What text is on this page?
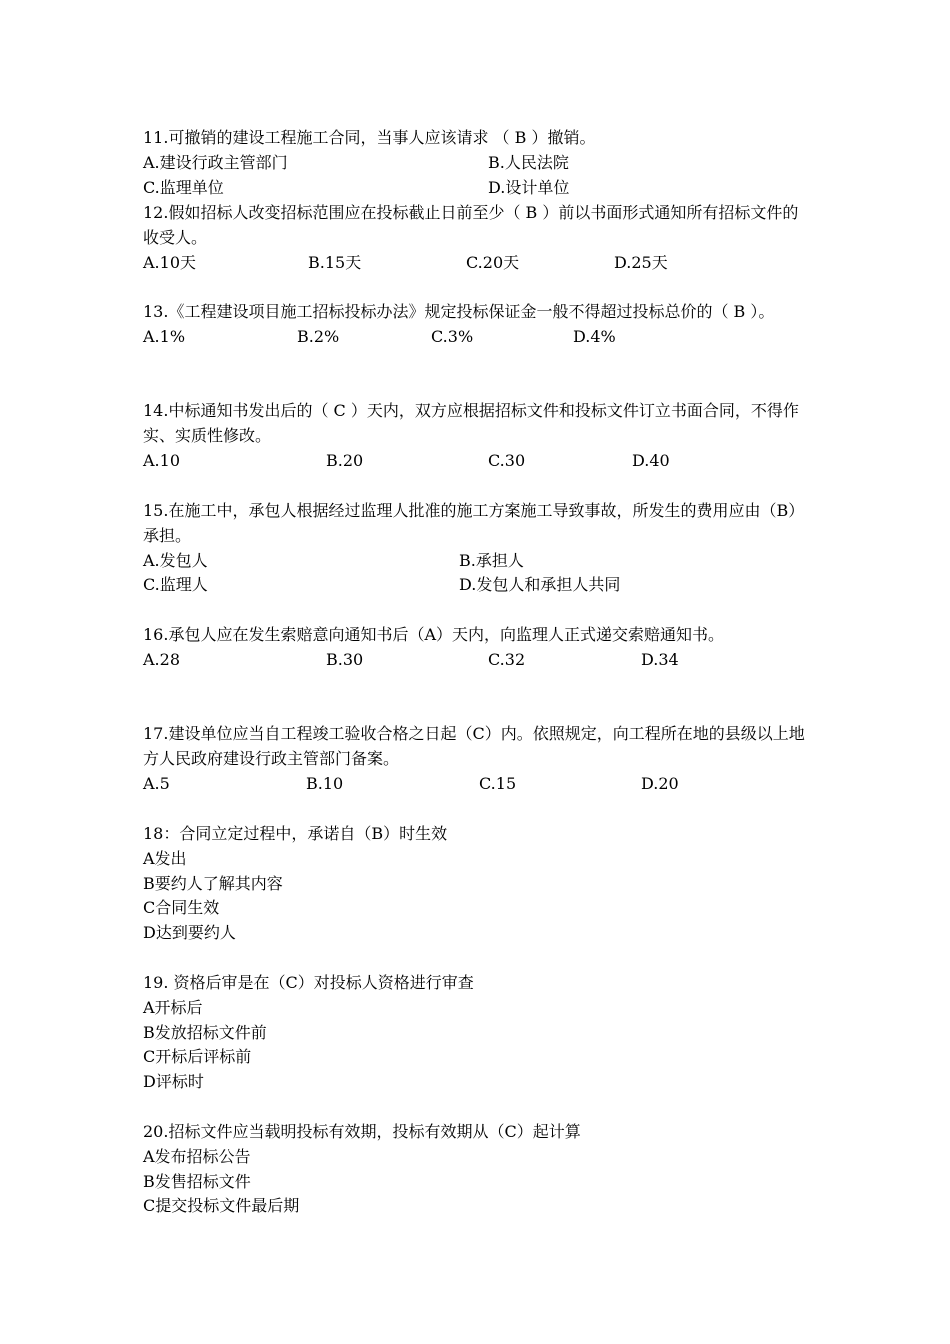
11.可撤销的建设工程施工合同，当事人应该请求 （ B ）撤销。

A.建设行政主管部门

	B.人民法院

C.监理单位

	D.设计单位

12.假如招标人改变招标范围应在投标截止日前至少（ B ）前以书面形式通知所有招标文件的收受人。

A.10天

	B.15天

	C.20天

	D.25天

13.《工程建设项目施工招标投标办法》规定投标保证金一般不得超过投标总价的（ B ）。

A.1%

	B.2%

	C.3%

	D.4%

14.中标通知书发出后的（ C ）天内，双方应根据招标文件和投标文件订立书面合同，不得作实、实质性修改。

A.10

	B.20

	C.30

	D.40

15.在施工中，承包人根据经过监理人批准的施工方案施工导致事故，所发生的费用应由（B）承担。

A.发包人

	B.承担人

C.监理人

	D.发包人和承担人共同

16.承包人应在发生索赔意向通知书后（A）天内，向监理人正式递交索赔通知书。

A.28

	B.30

	C.32

	D.34

17.建设单位应当自工程竣工验收合格之日起（C）内。依照规定，向工程所在地的县级以上地方人民政府建设行政主管部门备案。

A.5

	B.10

	C.15

	D.20

18：合同立定过程中，承诺自（B）时生效
A发出
B要约人了解其内容
C合同生效
D达到要约人
19. 资格后审是在（C）对投标人资格进行审查
A开标后
B发放招标文件前
C开标后评标前
D评标时
20.招标文件应当载明投标有效期，投标有效期从（C）起计算
A发布招标公告
B发售招标文件
C提交投标文件最后期
